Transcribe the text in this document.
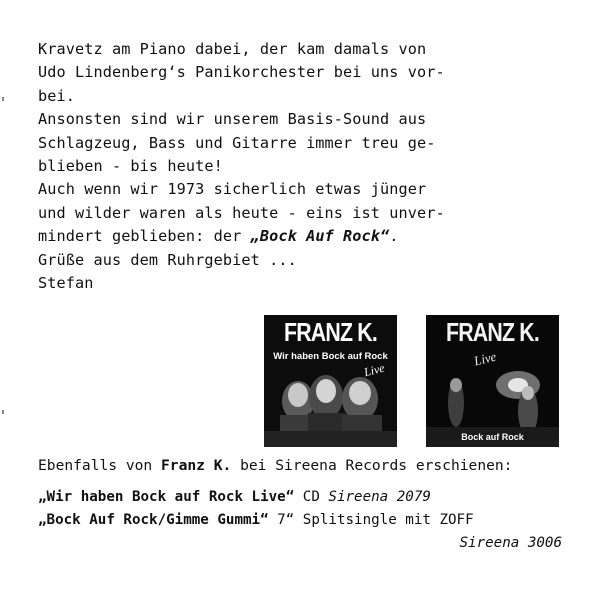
Kravetz am Piano dabei, der kam damals von
Udo Lindenberg‘s Panikorchester bei uns vor-
bei.
Ansonsten sind wir unserem Basis-Sound aus
Schlagzeug, Bass und Gitarre immer treu ge-
blieben - bis heute!
Auch wenn wir 1973 sicherlich etwas jünger
und wilder waren als heute - eins ist unver-
mindert geblieben: der „Bock Auf Rock“.
Grüße aus dem Ruhrgebiet ...
Stefan
FRANZ K.
Wir haben Bock auf Rock
Live
FRANZ K.
Live
Bock auf Rock
Ebenfalls von Franz K. bei Sireena Records erschienen:
„Wir haben Bock auf Rock Live“ CD Sireena 2079
„Bock Auf Rock/Gimme Gummi“ 7“ Splitsingle mit ZOFF
Sireena 3006
